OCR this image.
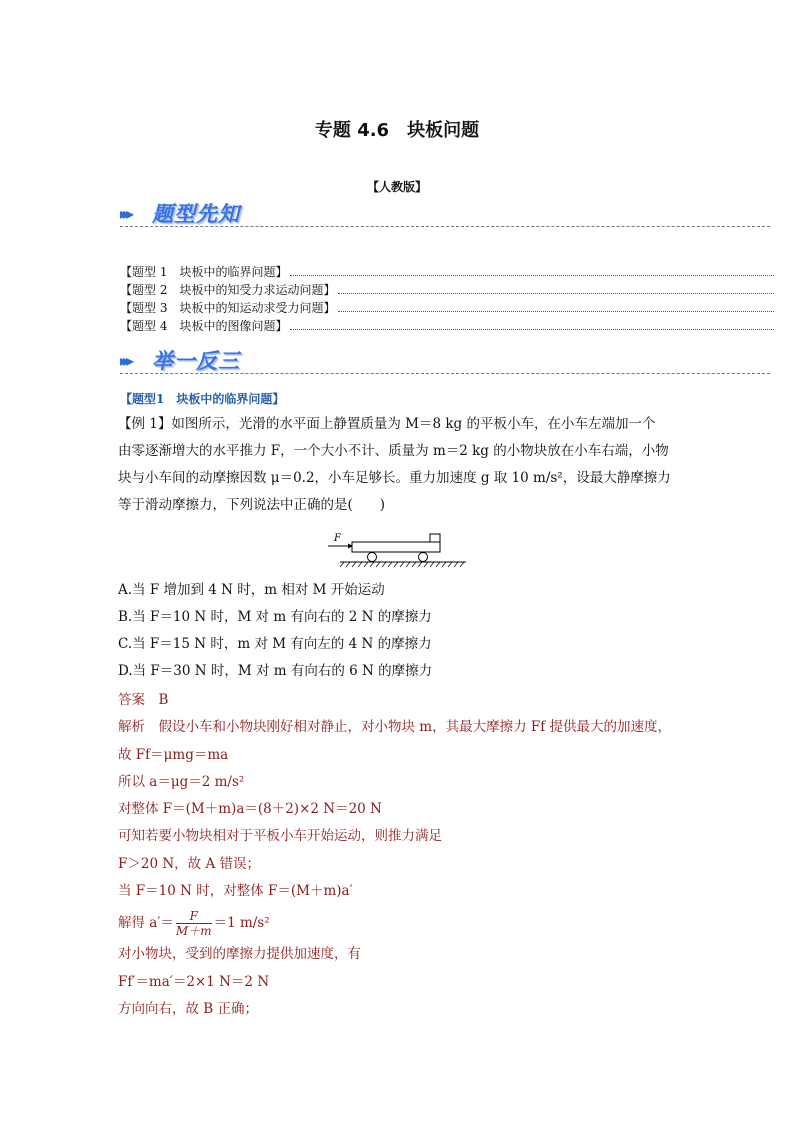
专题 4.6　块板问题
【人教版】
▸▸▸ 题型先知
【题型 1　块板中的临界问题】
【题型 2　块板中的知受力求运动问题】
【题型 3　块板中的知运动求受力问题】
【题型 4　块板中的图像问题】
▸▸▸ 举一反三
【题型1　块板中的临界问题】
【例 1】如图所示，光滑的水平面上静置质量为 M＝8 kg 的平板小车，在小车左端加一个
由零逐渐增大的水平推力 F，一个大小不计、质量为 m＝2 kg 的小物块放在小车右端，小物
块与小车间的动摩擦因数 μ＝0.2，小车足够长。重力加速度 g 取 10 m/s²，设最大静摩擦力
等于滑动摩擦力，下列说法中正确的是(　　)
F
A.当 F 增加到 4 N 时，m 相对 M 开始运动
B.当 F＝10 N 时，M 对 m 有向右的 2 N 的摩擦力
C.当 F＝15 N 时，m 对 M 有向左的 4 N 的摩擦力
D.当 F＝30 N 时，M 对 m 有向右的 6 N 的摩擦力
答案　B
解析　假设小车和小物块刚好相对静止，对小物块 m，其最大摩擦力 Ff 提供最大的加速度，
故 Ff＝μmg＝ma
所以 a＝μg＝2 m/s²
对整体 F＝(M＋m)a＝(8＋2)×2 N＝20 N
可知若要小物块相对于平板小车开始运动，则推力满足
F＞20 N，故 A 错误；
当 F＝10 N 时，对整体 F＝(M＋m)a′
解得 $a'= \frac{F}{M+m} =1$ m/s²
对小物块，受到的摩擦力提供加速度，有
Ff′＝ma′＝2×1 N＝2 N
方向向右，故 B 正确；
